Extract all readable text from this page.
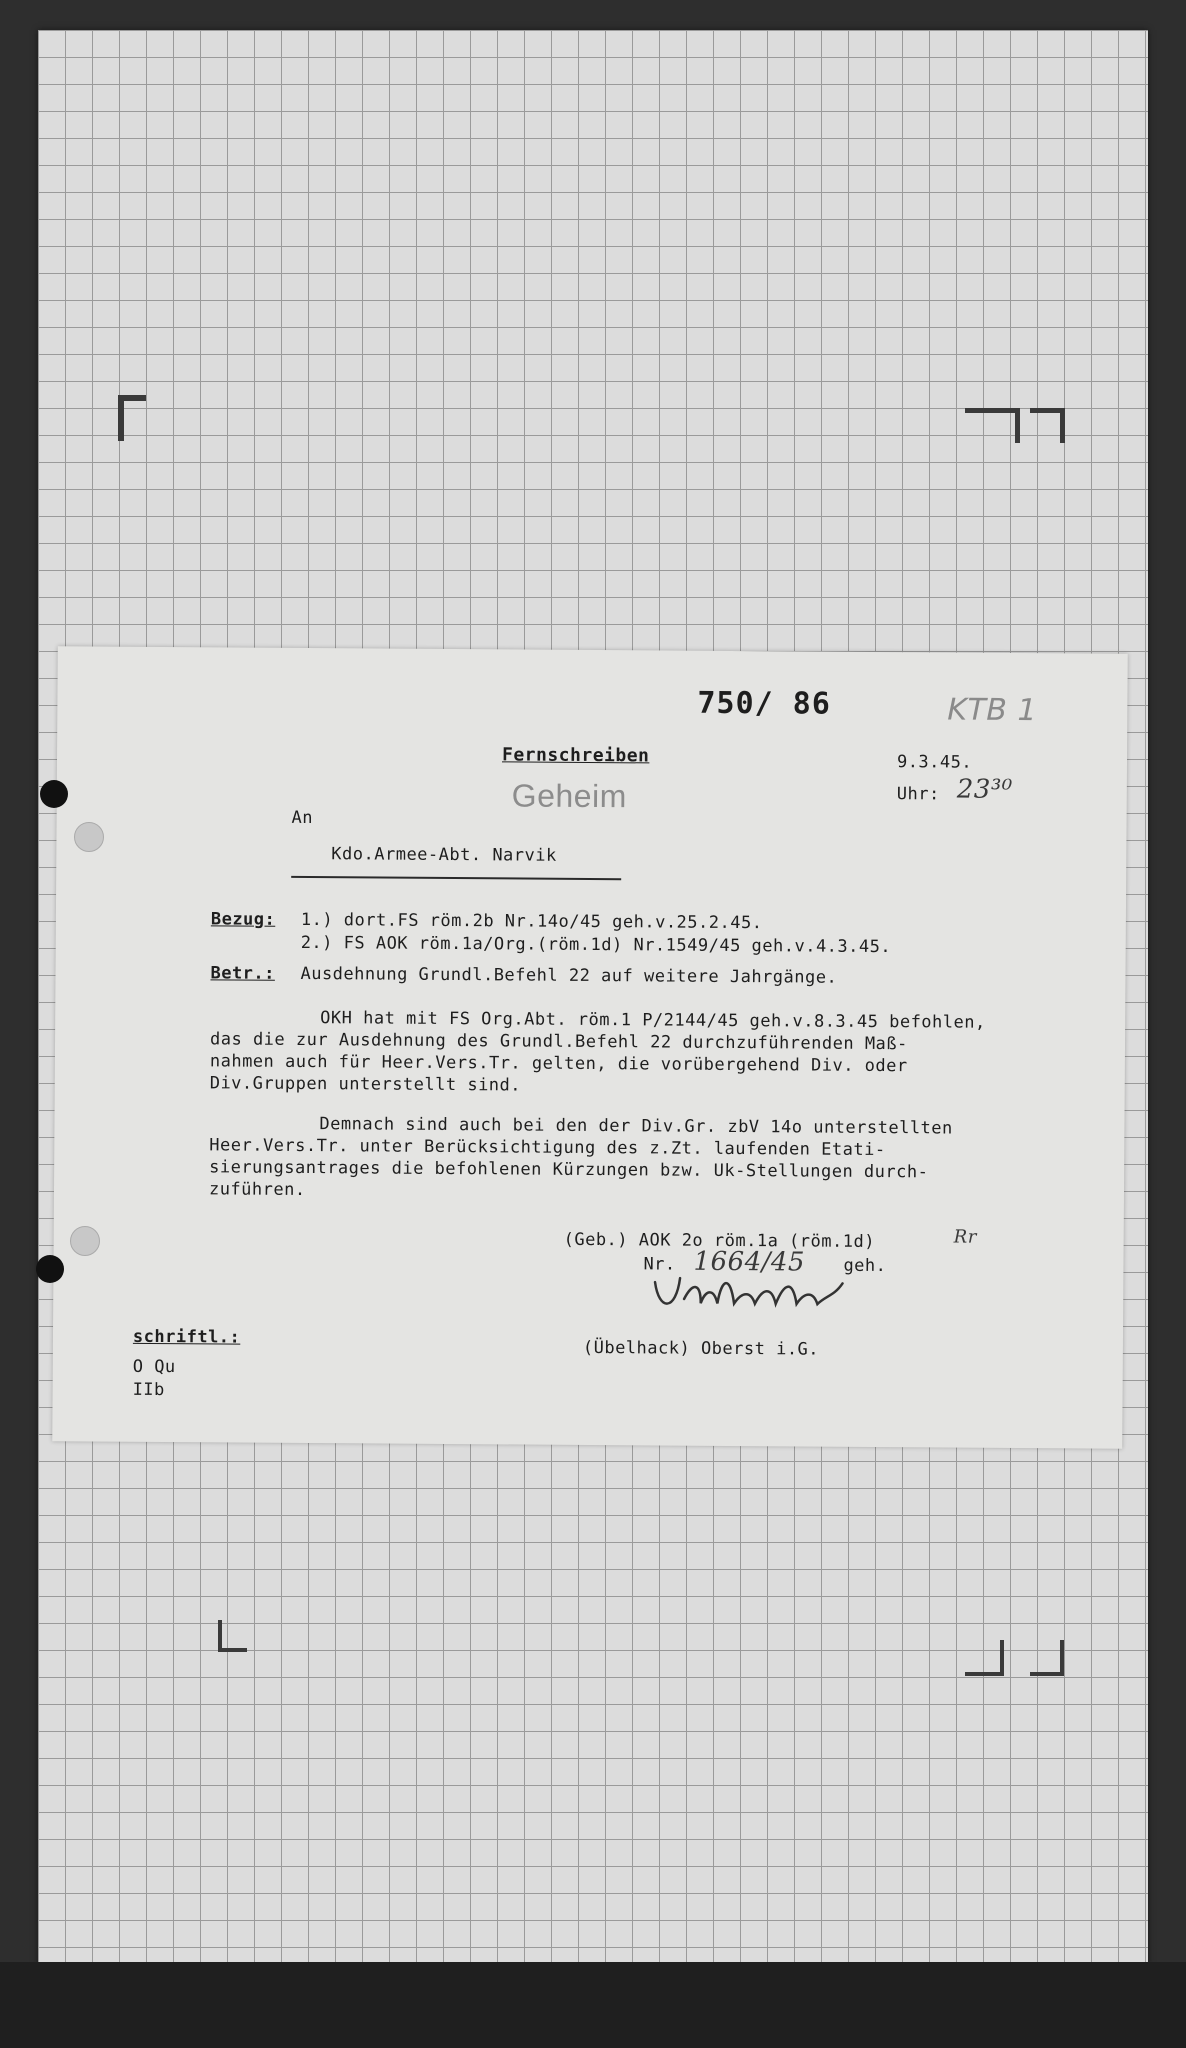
750/ 86	KTB 1
Fernschreiben	9.3.45.
Geheim	Uhr: 23³⁰
An
Kdo.Armee-Abt. Narvik
Bezug: 1.) dort.FS röm.2b Nr.14o/45 geh.v.25.2.45.
2.) FS AOK röm.1a/Org.(röm.1d) Nr.1549/45 geh.v.4.3.45.
Betr.: Ausdehnung Grundl.Befehl 22 auf weitere Jahrgänge.
OKH hat mit FS Org.Abt. röm.1 P/2144/45 geh.v.8.3.45 befohlen,
das die zur Ausdehnung des Grundl.Befehl 22 durchzuführenden Maß-
nahmen auch für Heer.Vers.Tr. gelten, die vorübergehend Div. oder
Div.Gruppen unterstellt sind.
Demnach sind auch bei den der Div.Gr. zbV 14o unterstellten
Heer.Vers.Tr. unter Berücksichtigung des z.Zt. laufenden Etati-
sierungsantrages die befohlenen Kürzungen bzw. Uk-Stellungen durch-
zuführen.
(Geb.) AOK 2o röm.1a (röm.1d)	Rr
Nr. 1664/45 geh.
(Übelhack) Oberst i.G.
schriftl.:
O Qu
IIb
